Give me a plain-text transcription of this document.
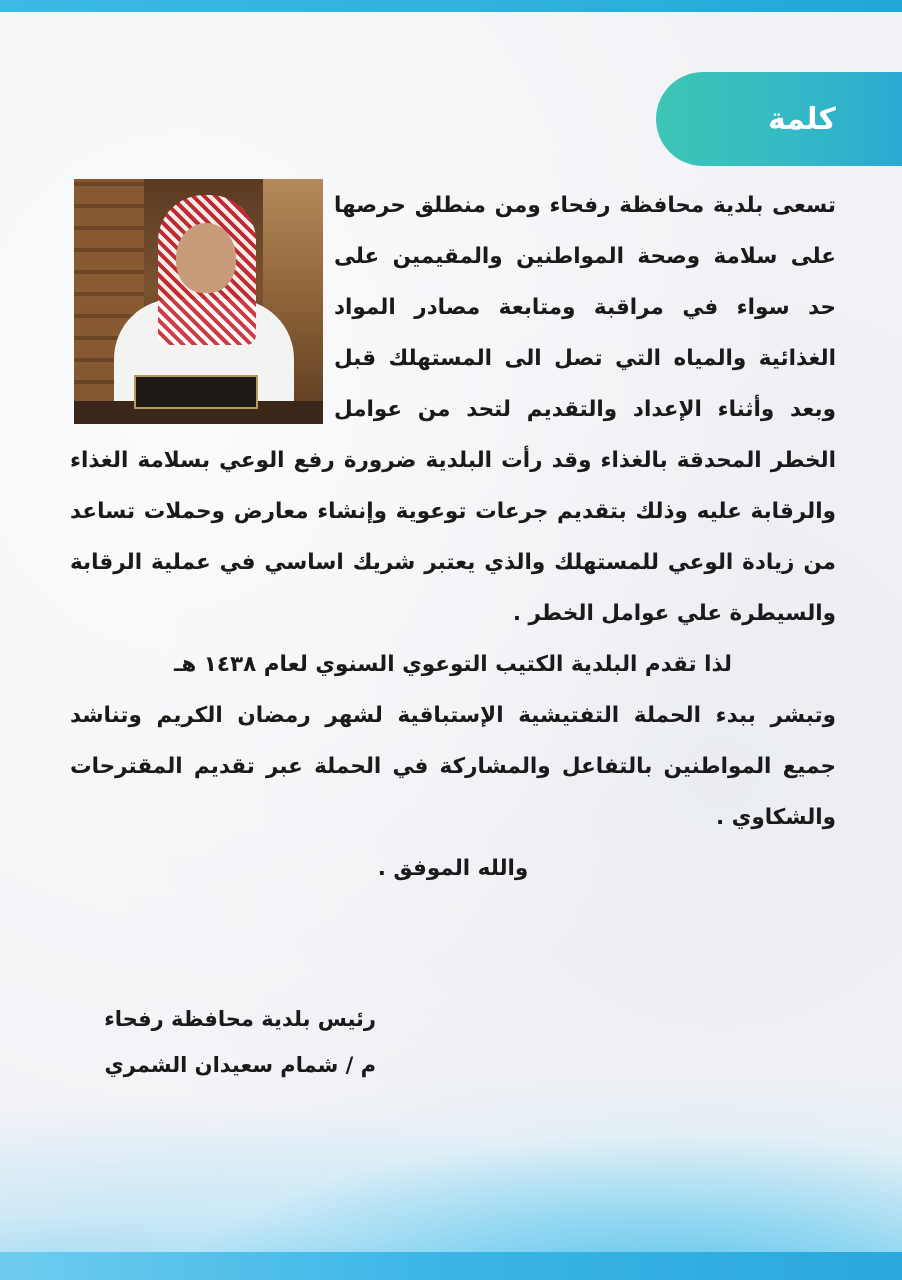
كلمة

تسعى بلدية محافظة رفحاء ومن منطلق حرصها على سلامة وصحة المواطنين والمقيمين على حد سواء في مراقبة ومتابعة مصادر المواد الغذائية والمياه التي تصل الى المستهلك قبل وبعد وأثناء الإعداد والتقديم لتحد من عوامل الخطر المحدقة بالغذاء وقد رأت البلدية ضرورة رفع الوعي بسلامة الغذاء والرقابة عليه وذلك بتقديم جرعات توعوية وإنشاء معارض وحملات تساعد من زيادة الوعي للمستهلك والذي يعتبر شريك اساسي في عملية الرقابة والسيطرة علي عوامل الخطر .

لذا تقدم البلدية الكتيب التوعوي السنوي لعام ١٤٣٨ هـ

وتبشر ببدء الحملة التفتيشية الإستباقية لشهر رمضان الكريم وتناشد جميع المواطنين بالتفاعل والمشاركة في الحملة عبر تقديم المقترحات والشكاوي .

والله الموفق .

رئيس بلدية محافظة رفحاء
م / شمام سعيدان الشمري
